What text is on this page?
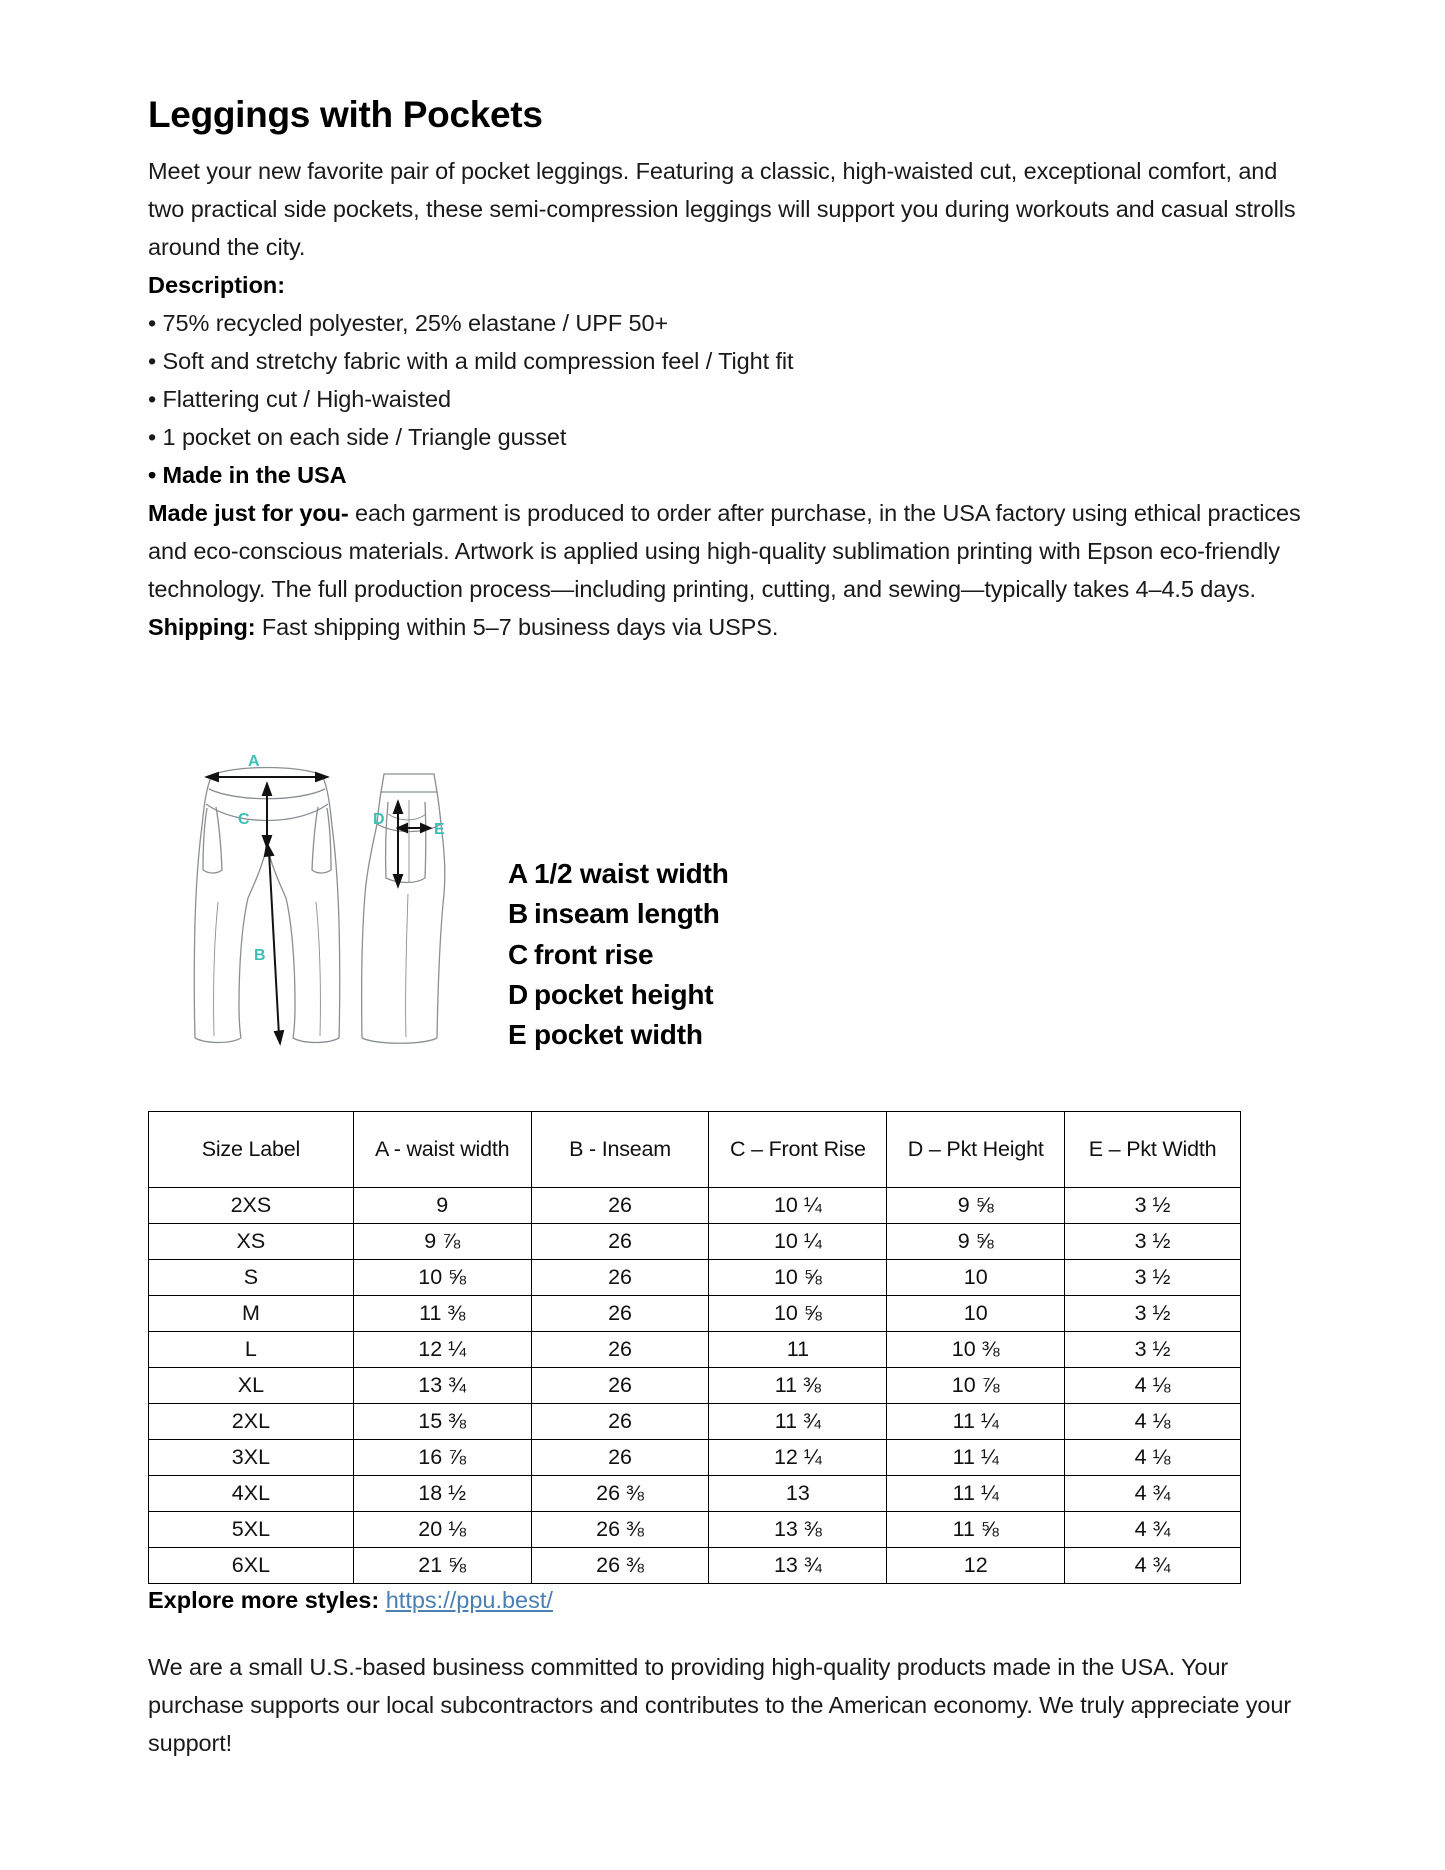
Leggings with Pockets

Meet your new favorite pair of pocket leggings. Featuring a classic, high-waisted cut, exceptional comfort, and two practical side pockets, these semi-compression leggings will support you during workouts and casual strolls around the city.

Description:

• 75% recycled polyester, 25% elastane / UPF 50+
• Soft and stretchy fabric with a mild compression feel / Tight fit
• Flattering cut / High-waisted
• 1 pocket on each side / Triangle gusset
• Made in the USA

Made just for you- each garment is produced to order after purchase, in the USA factory using ethical practices and eco-conscious materials. Artwork is applied using high-quality sublimation printing with Epson eco-friendly technology. The full production process—including printing, cutting, and sewing—typically takes 4–4.5 days.

Shipping: Fast shipping within 5–7 business days via USPS.

A
C
B
D
E
A 1/2 waist width
B inseam length
C front rise
D pocket height
E pocket width
Size Label	A - waist width	B - Inseam	C – Front Rise	D – Pkt Height	E – Pkt Width
2XS	9	26	10 ¼	9 ⅝	3 ½
XS	9 ⅞	26	10 ¼	9 ⅝	3 ½
S	10 ⅝	26	10 ⅝	10	3 ½
M	11 ⅜	26	10 ⅝	10	3 ½
L	12 ¼	26	11	10 ⅜	3 ½
XL	13 ¾	26	11 ⅜	10 ⅞	4 ⅛
2XL	15 ⅜	26	11 ¾	11 ¼	4 ⅛
3XL	16 ⅞	26	12 ¼	11 ¼	4 ⅛
4XL	18 ½	26 ⅜	13	11 ¼	4 ¾
5XL	20 ⅛	26 ⅜	13 ⅜	11 ⅝	4 ¾
6XL	21 ⅝	26 ⅜	13 ¾	12	4 ¾
Explore more styles: https://ppu.best/
We are a small U.S.-based business committed to providing high-quality products made in the USA. Your purchase supports our local subcontractors and contributes to the American economy. We truly appreciate your support!
